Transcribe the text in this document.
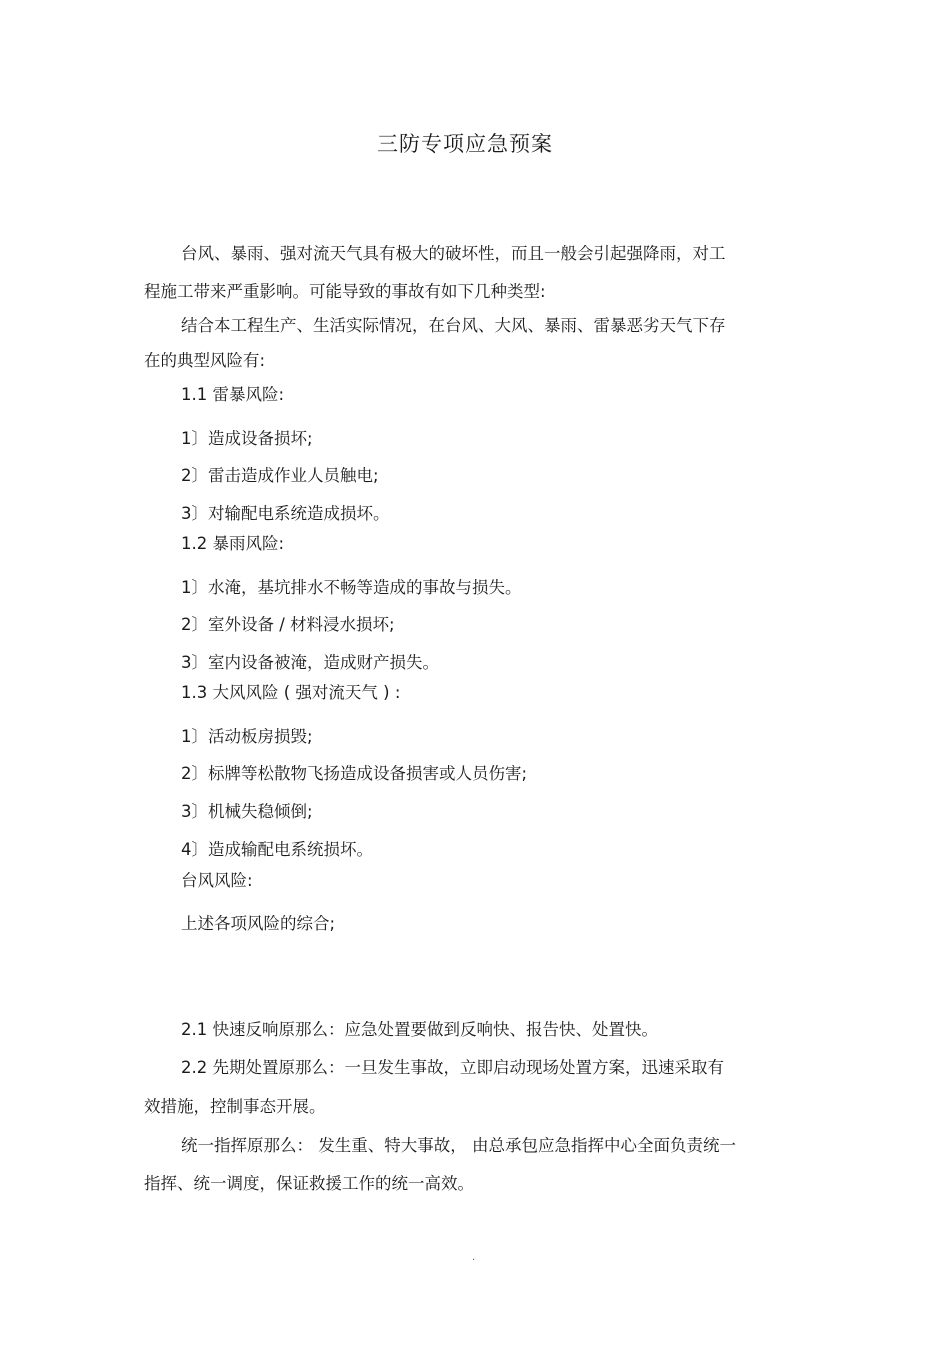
三防专项应急预案
台风、暴雨、强对流天气具有极大的破坏性，而且一般会引起强降雨，对工
程施工带来严重影响。可能导致的事故有如下几种类型:
结合本工程生产、生活实际情况，在台风、大风、暴雨、雷暴恶劣天气下存
在的典型风险有:
1.1 雷暴风险:
1〕造成设备损坏;
2〕雷击造成作业人员触电;
3〕对输配电系统造成损坏。
1.2 暴雨风险:
1〕水淹，基坑排水不畅等造成的事故与损失。
2〕室外设备 / 材料浸水损坏;
3〕室内设备被淹，造成财产损失。
1.3 大风风险 ( 强对流天气 ) :
1〕活动板房损毁;
2〕标牌等松散物飞扬造成设备损害或人员伤害;
3〕机械失稳倾倒;
4〕造成输配电系统损坏。
台风风险:
上述各项风险的综合;
2.1 快速反响原那么：应急处置要做到反响快、报告快、处置快。
2.2 先期处置原那么：一旦发生事故，立即启动现场处置方案，迅速采取有
效措施，控制事态开展。
统一指挥原那么： 发生重、特大事故， 由总承包应急指挥中心全面负责统一
指挥、统一调度，保证救援工作的统一高效。
.
